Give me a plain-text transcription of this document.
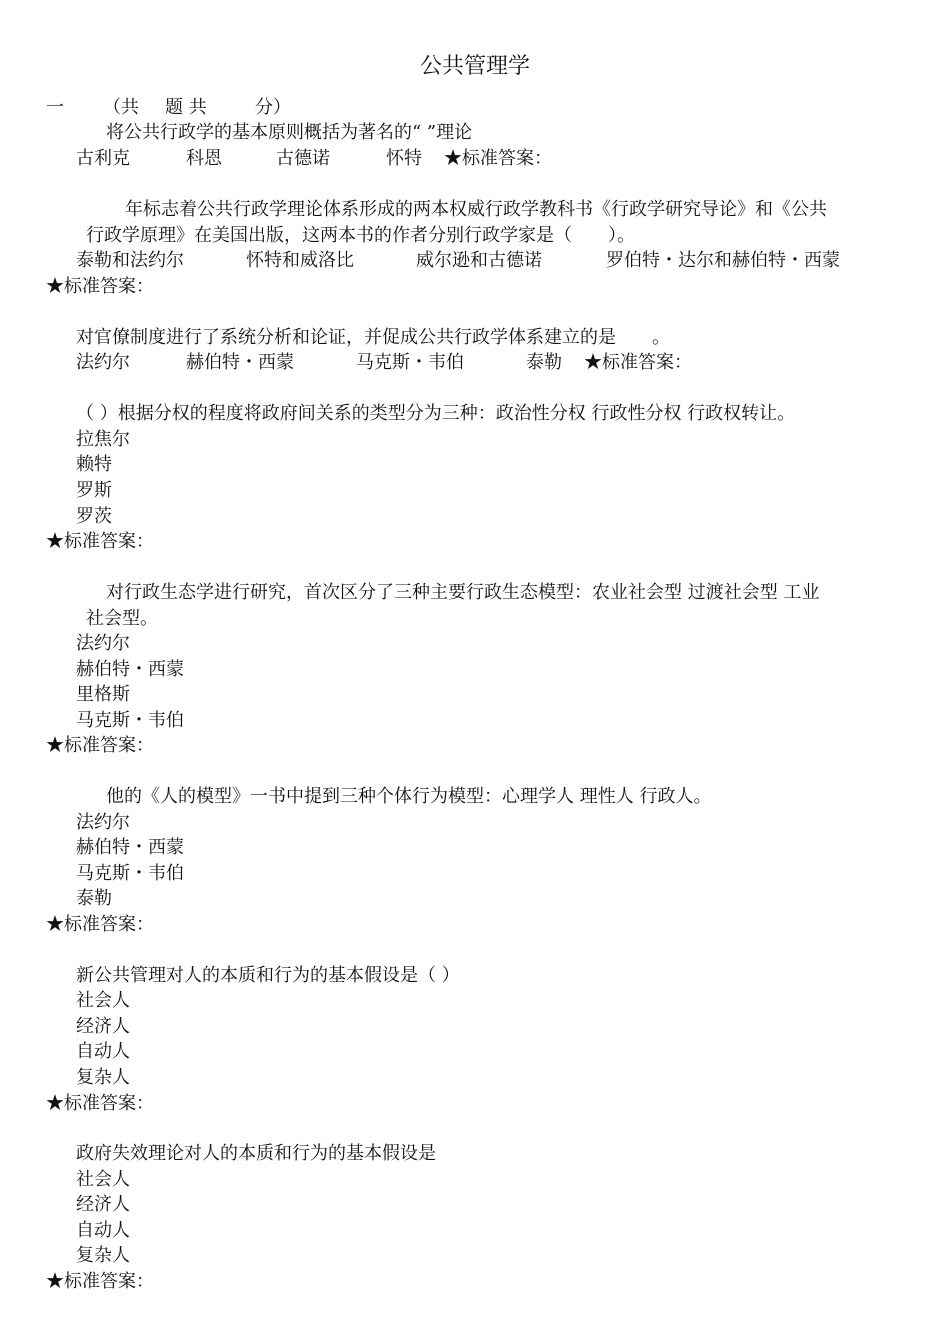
公共管理学
一 （共 题 共	分）
将公共行政学的基本原则概括为著名的“ ”理论
古利克	科恩	古德诺	怀特 ★标准答案：
年标志着公共行政学理论体系形成的两本权威行政学教科书《行政学研究导论》和《公共
行政学原理》在美国出版，这两本书的作者分别行政学家是（　　）。
泰勒和法约尔	怀特和威洛比	威尔逊和古德诺	罗伯特・达尔和赫伯特・西蒙
★标准答案：
对官僚制度进行了系统分析和论证，并促成公共行政学体系建立的是　　。
法约尔	赫伯特・西蒙	马克斯・韦伯	泰勒 ★标准答案：
（ ）根据分权的程度将政府间关系的类型分为三种：政治性分权 行政性分权 行政权转让。
拉焦尔
赖特
罗斯
罗茨
★标准答案：
对行政生态学进行研究，首次区分了三种主要行政生态模型：农业社会型 过渡社会型 工业
社会型。
法约尔
赫伯特・西蒙
里格斯
马克斯・韦伯
★标准答案：
他的《人的模型》一书中提到三种个体行为模型：心理学人 理性人 行政人。
法约尔
赫伯特・西蒙
马克斯・韦伯
泰勒
★标准答案：
新公共管理对人的本质和行为的基本假设是（ ）
社会人
经济人
自动人
复杂人
★标准答案：
政府失效理论对人的本质和行为的基本假设是
社会人
经济人
自动人
复杂人
★标准答案：
